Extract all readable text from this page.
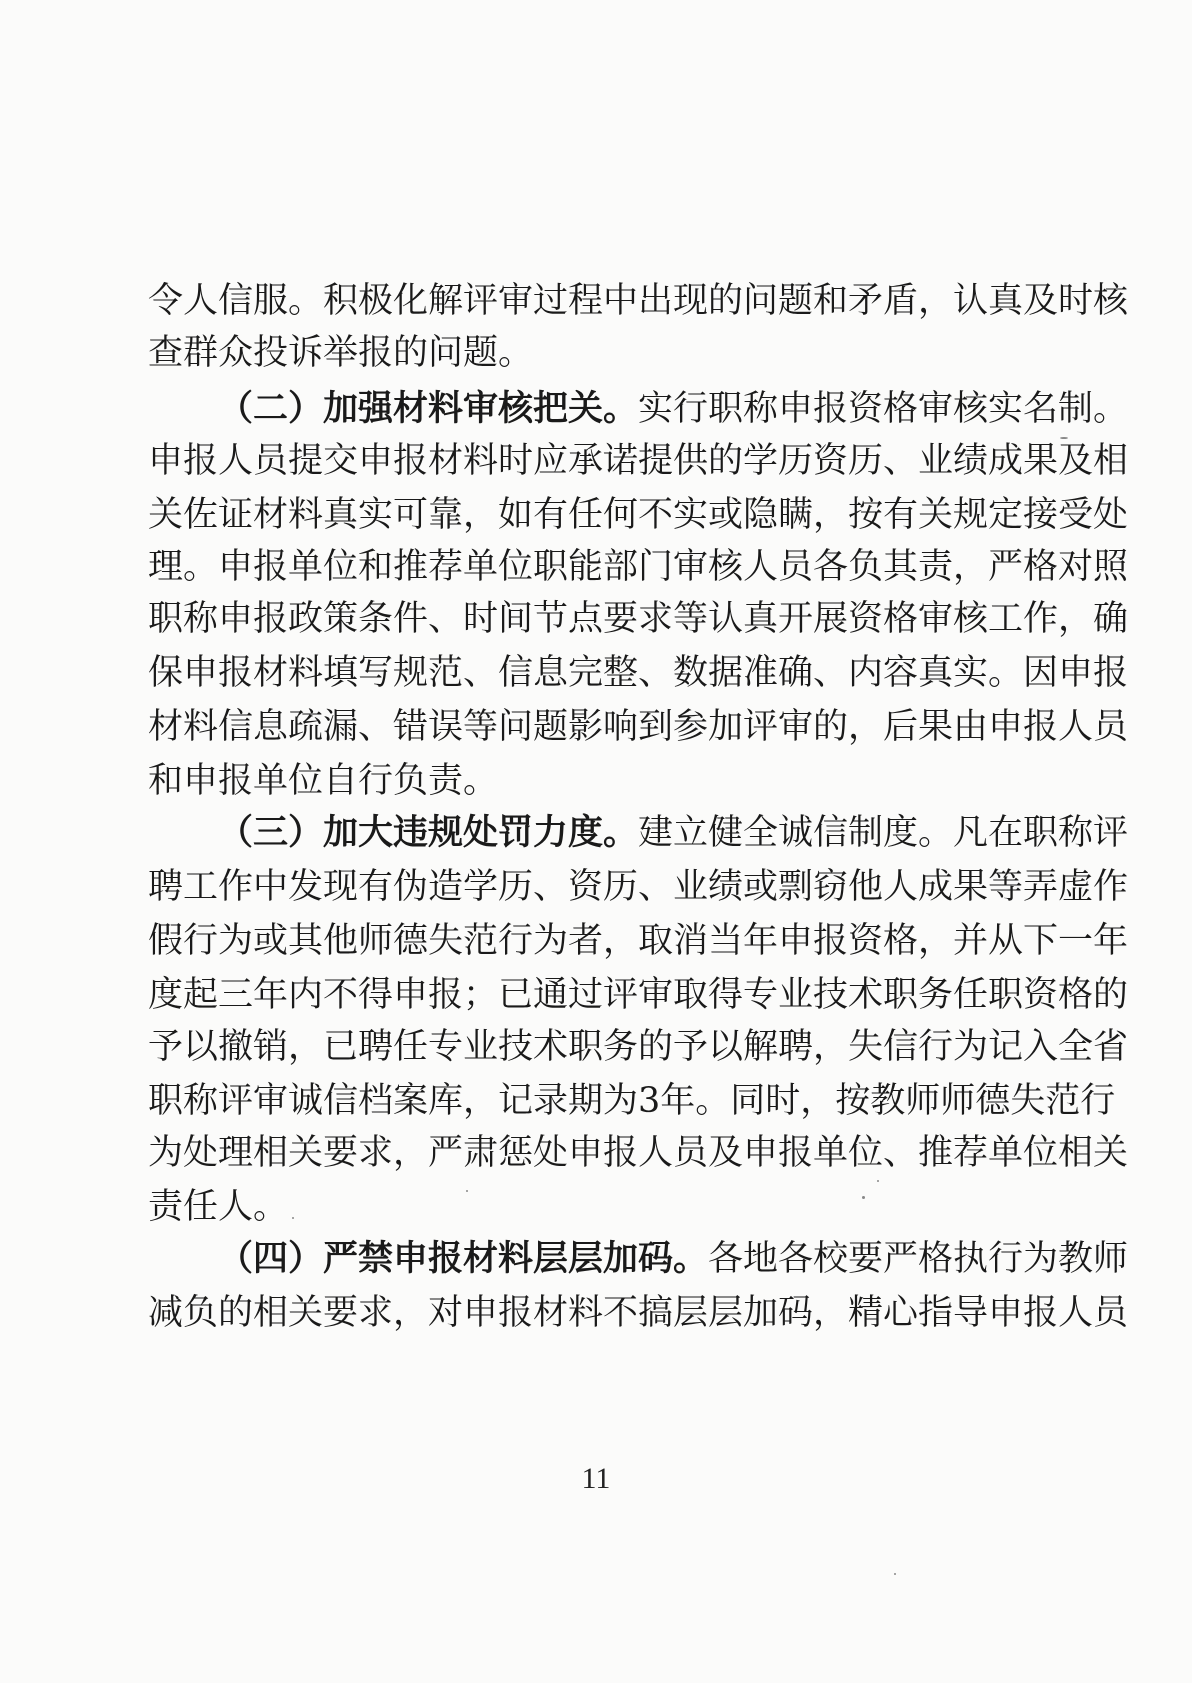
令人信服。积极化解评审过程中出现的问题和矛盾，认真及时核
查群众投诉举报的问题。
（二）加强材料审核把关。实行职称申报资格审核实名制。
申报人员提交申报材料时应承诺提供的学历资历、业绩成果及相
关佐证材料真实可靠，如有任何不实或隐瞒，按有关规定接受处
理。申报单位和推荐单位职能部门审核人员各负其责，严格对照
职称申报政策条件、时间节点要求等认真开展资格审核工作，确
保申报材料填写规范、信息完整、数据准确、内容真实。因申报
材料信息疏漏、错误等问题影响到参加评审的，后果由申报人员
和申报单位自行负责。
（三）加大违规处罚力度。建立健全诚信制度。凡在职称评
聘工作中发现有伪造学历、资历、业绩或剽窃他人成果等弄虚作
假行为或其他师德失范行为者，取消当年申报资格，并从下一年
度起三年内不得申报；已通过评审取得专业技术职务任职资格的
予以撤销，已聘任专业技术职务的予以解聘，失信行为记入全省
职称评审诚信档案库，记录期为3年。同时，按教师师德失范行
为处理相关要求，严肃惩处申报人员及申报单位、推荐单位相关
责任人。
（四）严禁申报材料层层加码。各地各校要严格执行为教师
减负的相关要求，对申报材料不搞层层加码，精心指导申报人员
11
